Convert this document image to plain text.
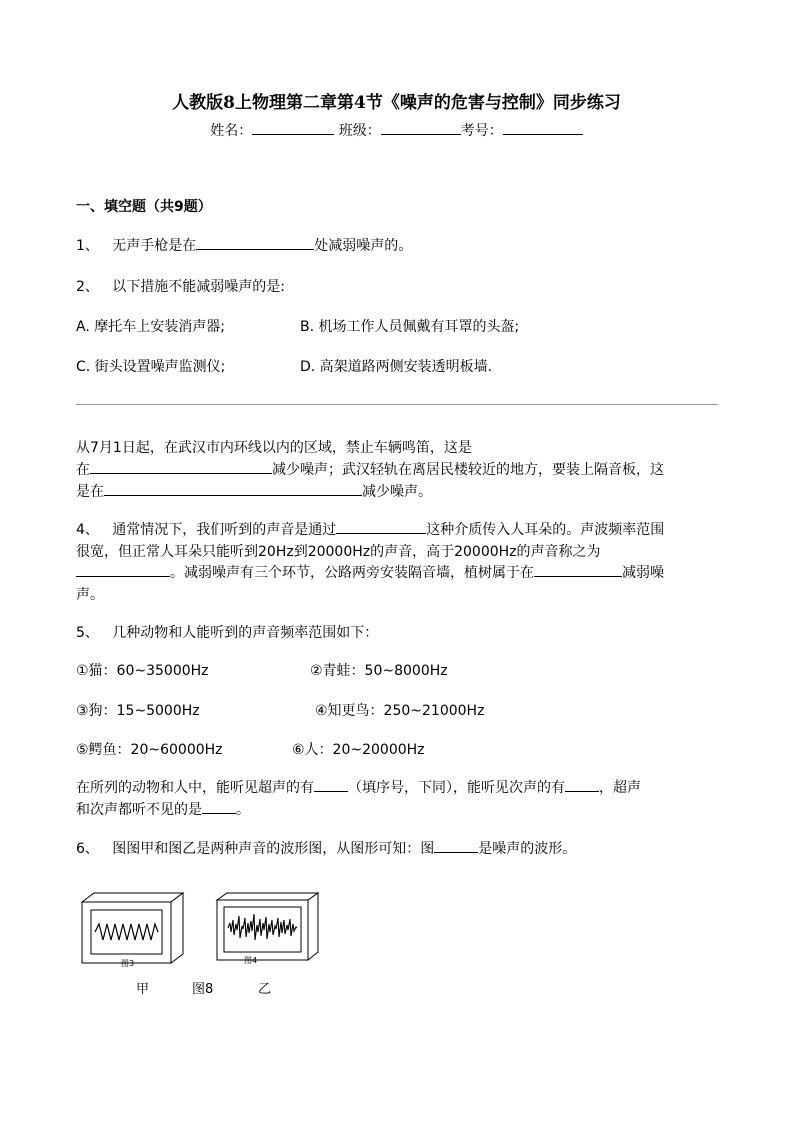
人教版8上物理第二章第4节《噪声的危害与控制》同步练习
姓名：	班级：	考号：
一、填空题（共9题）
1、 无声手枪是在	处减弱噪声的。
2、 以下措施不能减弱噪声的是:
A. 摩托车上安装消声器;	B. 机场工作人员佩戴有耳罩的头盔;
C. 街头设置噪声监测仪;	D. 高架道路两侧安装透明板墙.
从7月1日起，在武汉市内环线以内的区域，禁止车辆鸣笛，这是
在	减少噪声；武汉轻轨在离居民楼较近的地方，要装上隔音板，这
是在	减少噪声。
4、 通常情况下，我们听到的声音是通过	这种介质传入人耳朵的。声波频率范围
很宽，但正常人耳朵只能听到20Hz到20000Hz的声音，高于20000Hz的声音称之为
。减弱噪声有三个环节，公路两旁安装隔音墙，植树属于在	减弱噪
声。
5、 几种动物和人能听到的声音频率范围如下：
①猫：60~35000Hz	②青蛙：50~8000Hz
③狗：15~5000Hz	④知更鸟：250~21000Hz
⑤鳄鱼：20~60000Hz	⑥人：20~20000Hz
在所列的动物和人中，能听见超声的有 （填序号，下同），能听见次声的有 ，超声
和次声都听不见的是 。
6、 图图甲和图乙是两种声音的波形图，从图形可知：图	是噪声的波形。
图3	图4
甲	图8	乙
